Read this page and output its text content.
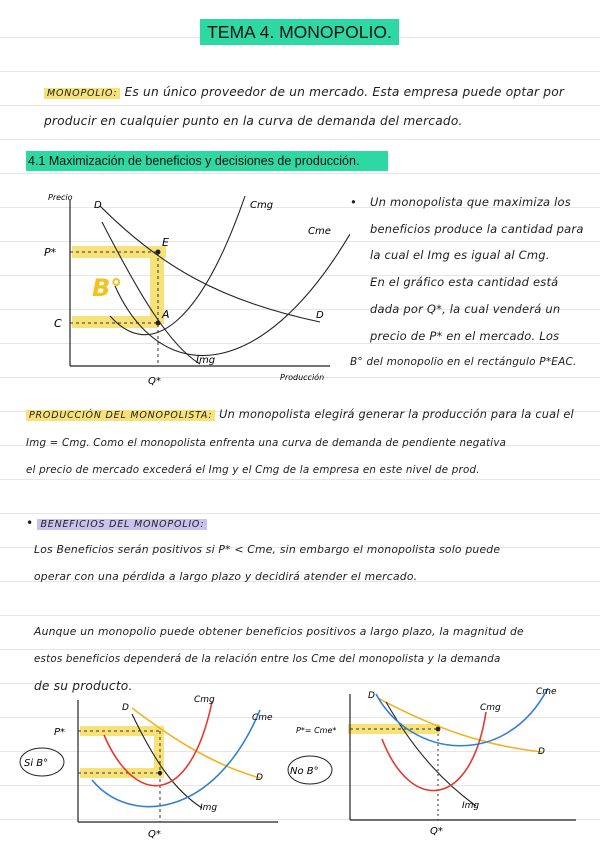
TEMA 4. MONOPOLIO.
MONOPOLIO: Es un único proveedor de un mercado. Esta empresa puede optar por
producir en cualquier punto en la curva de demanda del mercado.
4.1 Maximización de beneficios y decisiones de producción.
Precio
Producción
P*
C
Q*
E
A
B°
Cmg
Cme
D
D
Img
• Un monopolista que maximiza los
beneficios produce la cantidad para
la cual el Img es igual al Cmg.
En el gráfico esta cantidad está
dada por Q*, la cual venderá un
precio de P* en el mercado. Los
B° del monopolio en el rectángulo P*EAC.
PRODUCCIÓN DEL MONOPOLISTA: Un monopolista elegirá generar la producción para la cual el
Img = Cmg. Como el monopolista enfrenta una curva de demanda de pendiente negativa
el precio de mercado excederá el Img y el Cmg de la empresa en este nivel de prod.
• BENEFICIOS DEL MONOPOLIO:
Los Beneficios serán positivos si P* < Cme, sin embargo el monopolista solo puede
operar con una pérdida a largo plazo y decidirá atender el mercado.
Aunque un monopolio puede obtener beneficios positivos a largo plazo, la magnitud de
estos beneficios dependerá de la relación entre los Cme del monopolista y la demanda
de su producto.
P*
Q*
D
D
Cmg
Cme
Img
Si B°
P*= Cme*
Q*
D
D
Cmg
Cme
Img
No B°
